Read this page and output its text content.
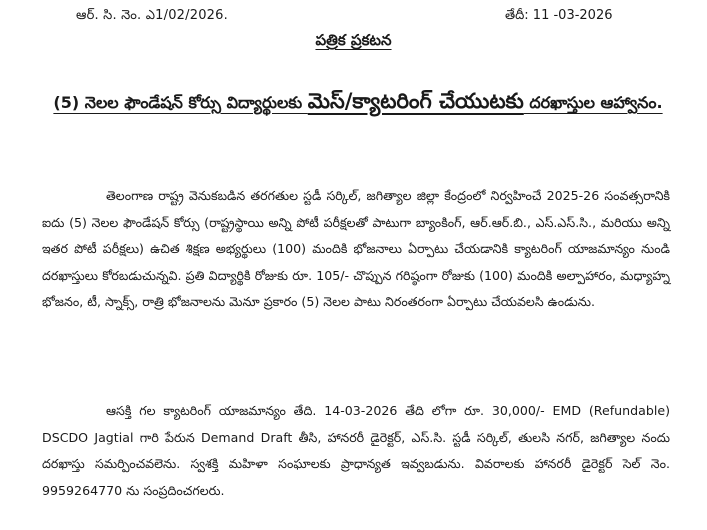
ఆర్. సి. నెం. ఎ1/02/2026.	తేదీ: 11 -03-2026
పత్రిక ప్రకటన
(5) నెలల ఫౌండేషన్ కోర్సు విద్యార్థులకు మెస్/క్యాటరింగ్ చేయుటకు దరఖాస్తుల ఆహ్వానం.
తెలంగాణ రాష్ట్ర వెనుకబడిన తరగతుల స్టడీ సర్కిల్, జగిత్యాల జిల్లా కేంద్రంలో నిర్వహించే 2025-26 సంవత్సరానికి ఐదు (5) నెలల ఫౌండేషన్ కోర్సు (రాష్ట్రస్థాయి అన్ని పోటీ పరీక్షలతో పాటుగా బ్యాంకింగ్, ఆర్.ఆర్.బి., ఎస్.ఎస్.సి., మరియు అన్ని ఇతర పోటీ పరీక్షలు) ఉచిత శిక్షణ అభ్యర్థులు (100) మందికి భోజనాలు ఏర్పాటు చేయడానికి క్యాటరింగ్ యాజమాన్యం నుండి దరఖాస్తులు కోరబడుచున్నవి. ప్రతి విద్యార్థికి రోజుకు రూ. 105/- చొప్పున గరిష్ఠంగా రోజుకు (100) మందికి అల్పాహారం, మధ్యాహ్న భోజనం, టీ, స్నాక్స్, రాత్రి భోజనాలను మెనూ ప్రకారం (5) నెలల పాటు నిరంతరంగా ఏర్పాటు చేయవలసి ఉండును.
ఆసక్తి గల క్యాటరింగ్ యాజమాన్యం తేది. 14-03-2026 తేది లోగా రూ. 30,000/- EMD (Refundable) DSCDO Jagtial గారి పేరున Demand Draft తీసి, హానరరీ డైరెక్టర్, ఎస్.సి. స్టడీ సర్కిల్, తులసి నగర్, జగిత్యాల నందు దరఖాస్తు సమర్పించవలెను. స్వశక్తి మహిళా సంఘాలకు ప్రాధాన్యత ఇవ్వబడును. వివరాలకు హానరరీ డైరెక్టర్ సెల్ నెం. 9959264770 ను సంప్రదించగలరు.
